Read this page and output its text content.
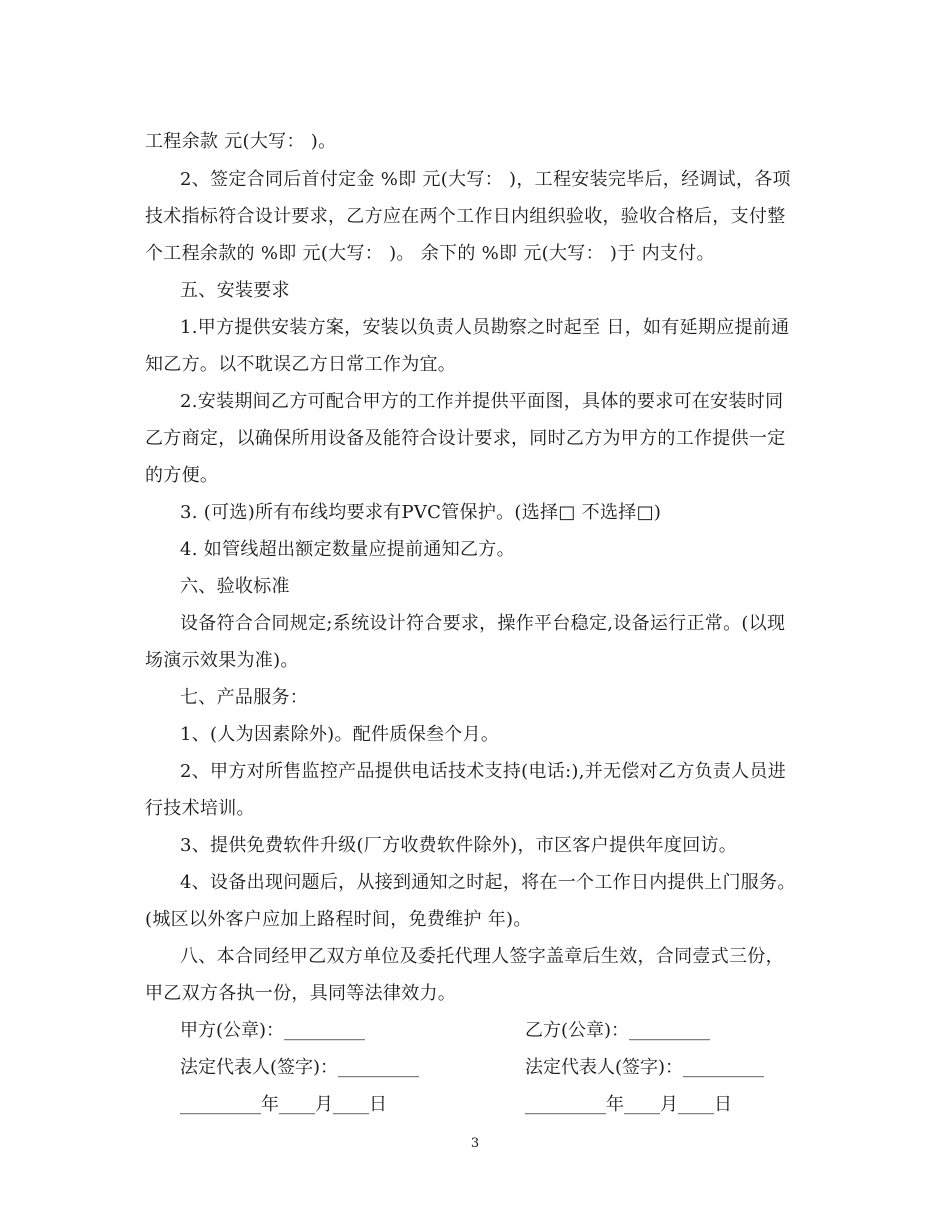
工程余款 元(大写： )。
2、签定合同后首付定金 %即 元(大写： )，工程安装完毕后，经调试，各项
技术指标符合设计要求，乙方应在两个工作日内组织验收，验收合格后，支付整
个工程余款的 %即 元(大写： )。 余下的 %即 元(大写： )于 内支付。
五、安装要求
1.甲方提供安装方案，安装以负责人员勘察之时起至 日，如有延期应提前通
知乙方。以不耽误乙方日常工作为宜。
2.安装期间乙方可配合甲方的工作并提供平面图，具体的要求可在安装时同
乙方商定，以确保所用设备及能符合设计要求，同时乙方为甲方的工作提供一定
的方便。
3. (可选)所有布线均要求有PVC管保护。(选择□ 不选择□)
4. 如管线超出额定数量应提前通知乙方。
六、验收标准
设备符合合同规定;系统设计符合要求，操作平台稳定,设备运行正常。(以现
场演示效果为准)。
七、产品服务：
1、(人为因素除外)。配件质保叁个月。
2、甲方对所售监控产品提供电话技术支持(电话:),并无偿对乙方负责人员进
行技术培训。
3、提供免费软件升级(厂方收费软件除外)，市区客户提供年度回访。
4、设备出现问题后，从接到通知之时起，将在一个工作日内提供上门服务。
(城区以外客户应加上路程时间，免费维护 年)。
八、本合同经甲乙双方单位及委托代理人签字盖章后生效，合同壹式三份，
甲乙双方各执一份，具同等法律效力。
甲方(公章)：_________	乙方(公章)：_________
法定代表人(签字)：_________	法定代表人(签字)：_________
_________年____月____日	_________年____月____日
3
